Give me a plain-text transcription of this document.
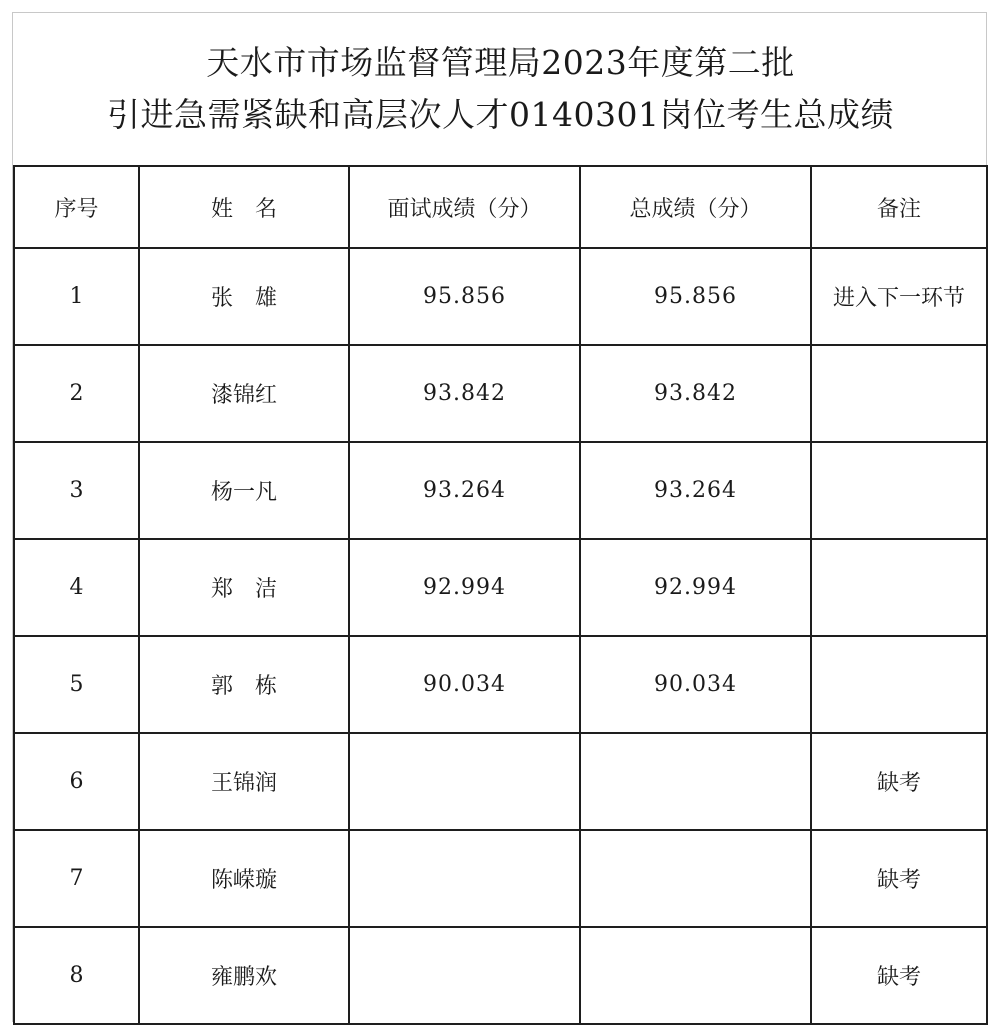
天水市市场监督管理局2023年度第二批
引进急需紧缺和高层次人才0140301岗位考生总成绩
序号	姓　名	面试成绩（分）	总成绩（分）	备注
1	张　雄	95.856	95.856	进入下一环节
2	漆锦红	93.842	93.842	
3	杨一凡	93.264	93.264	
4	郑　洁	92.994	92.994	
5	郭　栋	90.034	90.034	
6	王锦润			缺考
7	陈嵘璇			缺考
8	雍鹏欢			缺考
